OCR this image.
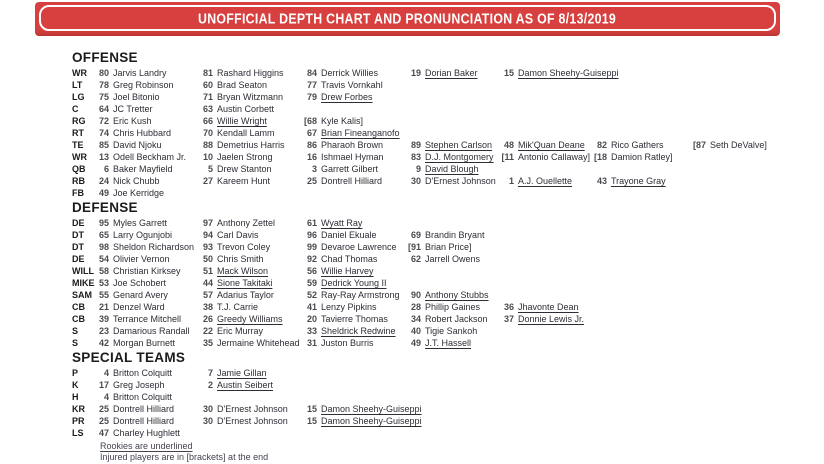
UNOFFICIAL DEPTH CHART AND PRONUNCIATION AS OF 8/13/2019
OFFENSE
WR	80 Jarvis Landry	81 Rashard Higgins	84 Derrick Willies	19 Dorian Baker	15 Damon Sheehy-Guiseppi
LT	78 Greg Robinson	60 Brad Seaton	77 Travis Vornkahl
LG	75 Joel Bitonio	71 Bryan Witzmann	79 Drew Forbes
C	64 JC Tretter	63 Austin Corbett
RG	72 Eric Kush	66 Willie Wright	[68 Kyle Kalis]
RT	74 Chris Hubbard	70 Kendall Lamm	67 Brian Fineanganofo
TE	85 David Njoku	88 Demetrius Harris	86 Pharaoh Brown	89 Stephen Carlson	48 Mik'Quan Deane	82 Rico Gathers	[87 Seth DeValve]
WR	13 Odell Beckham Jr.	10 Jaelen Strong	16 Ishmael Hyman	83 D.J. Montgomery [11 Antonio Callaway] [18 Damion Ratley]
QB	6 Baker Mayfield	5 Drew Stanton	3 Garrett Gilbert	9 David Blough
RB	24 Nick Chubb	27 Kareem Hunt	25 Dontrell Hilliard	30 D'Ernest Johnson	1 A.J. Ouellette	43 Trayone Gray
FB	49 Joe Kerridge
DEFENSE
DE	95 Myles Garrett	97 Anthony Zettel	61 Wyatt Ray
DT	65 Larry Ogunjobi	94 Carl Davis	96 Daniel Ekuale	69 Brandin Bryant
DT	98 Sheldon Richardson 93 Trevon Coley	99 Devaroe Lawrence	[91 Brian Price]
DE	54 Olivier Vernon	50 Chris Smith	92 Chad Thomas	62 Jarrell Owens
WILL 58 Christian Kirksey	51 Mack Wilson	56 Willie Harvey
MIKE 53 Joe Schobert	44 Sione Takitaki	59 Dedrick Young II
SAM 55 Genard Avery	57 Adarius Taylor	52 Ray-Ray Armstrong	90 Anthony Stubbs
CB	21 Denzel Ward	38 T.J. Carrie	41 Lenzy Pipkins	28 Phillip Gaines	36 Jhavonte Dean
CB	39 Terrance Mitchell	26 Greedy Williams	20 Tavierre Thomas	34 Robert Jackson	37 Donnie Lewis Jr.
S	23 Damarious Randall	22 Eric Murray	33 Sheldrick Redwine	40 Tigie Sankoh
S	42 Morgan Burnett	35 Jermaine Whitehead 31 Juston Burris	49 J.T. Hassell
SPECIAL TEAMS
P	4 Britton Colquitt	7 Jamie Gillan
K	17 Greg Joseph	2 Austin Seibert
H	4 Britton Colquitt
KR	25 Dontrell Hilliard	30 D'Ernest Johnson	15 Damon Sheehy-Guiseppi
PR	25 Dontrell Hilliard	30 D'Ernest Johnson	15 Damon Sheehy-Guiseppi
LS	47 Charley Hughlett
Rookies are underlined
Injured players are in [brackets] at the end
